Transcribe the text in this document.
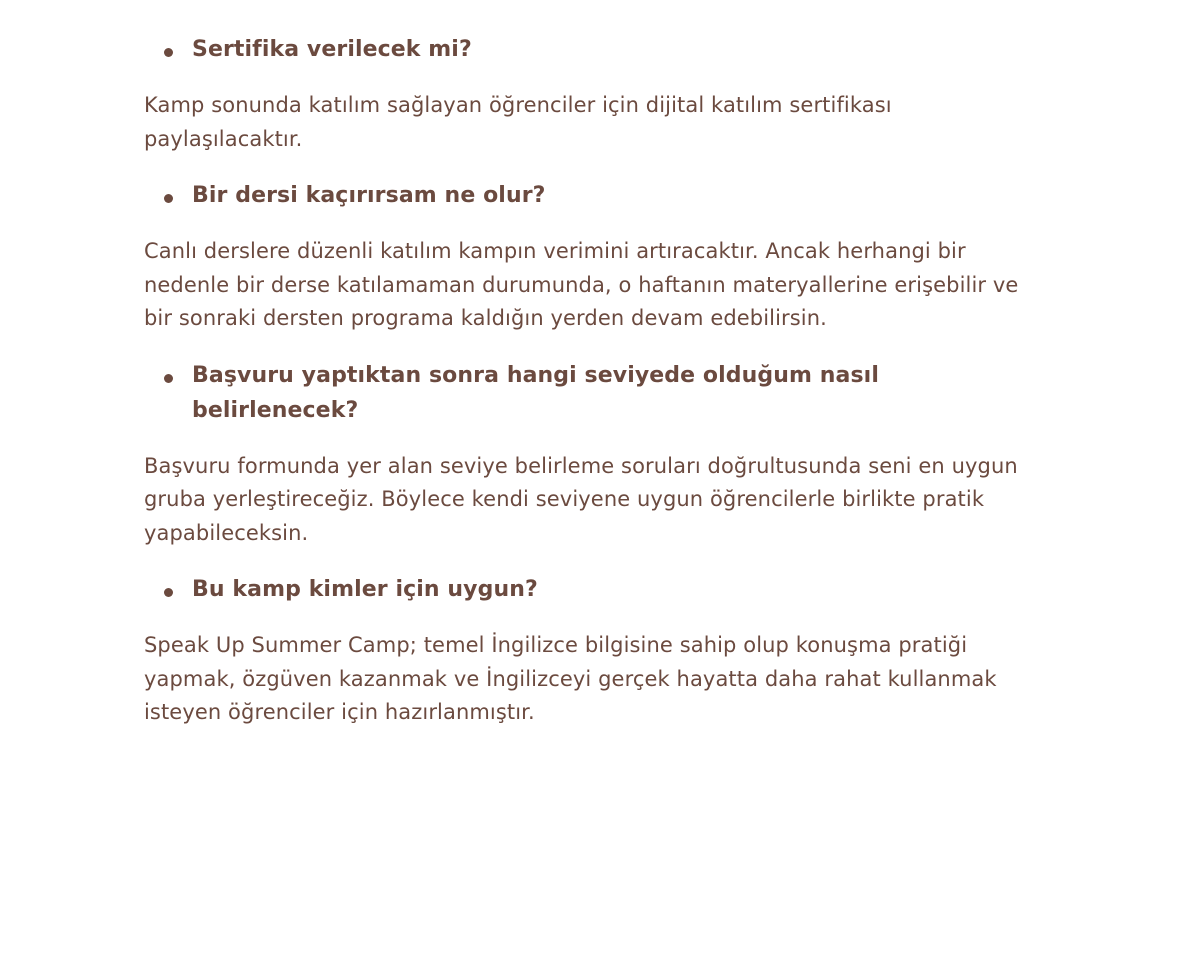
Sertifika verilecek mi?

Kamp sonunda katılım sağlayan öğrenciler için dijital katılım sertifikası paylaşılacaktır.

Bir dersi kaçırırsam ne olur?

Canlı derslere düzenli katılım kampın verimini artıracaktır. Ancak herhangi bir nedenle bir derse katılamaman durumunda, o haftanın materyallerine erişebilir ve bir sonraki dersten programa kaldığın yerden devam edebilirsin.

Başvuru yaptıktan sonra hangi seviyede olduğum nasıl belirlenecek?

Başvuru formunda yer alan seviye belirleme soruları doğrultusunda seni en uygun gruba yerleştireceğiz. Böylece kendi seviyene uygun öğrencilerle birlikte pratik yapabileceksin.

Bu kamp kimler için uygun?

Speak Up Summer Camp; temel İngilizce bilgisine sahip olup konuşma pratiği yapmak, özgüven kazanmak ve İngilizceyi gerçek hayatta daha rahat kullanmak isteyen öğrenciler için hazırlanmıştır.
